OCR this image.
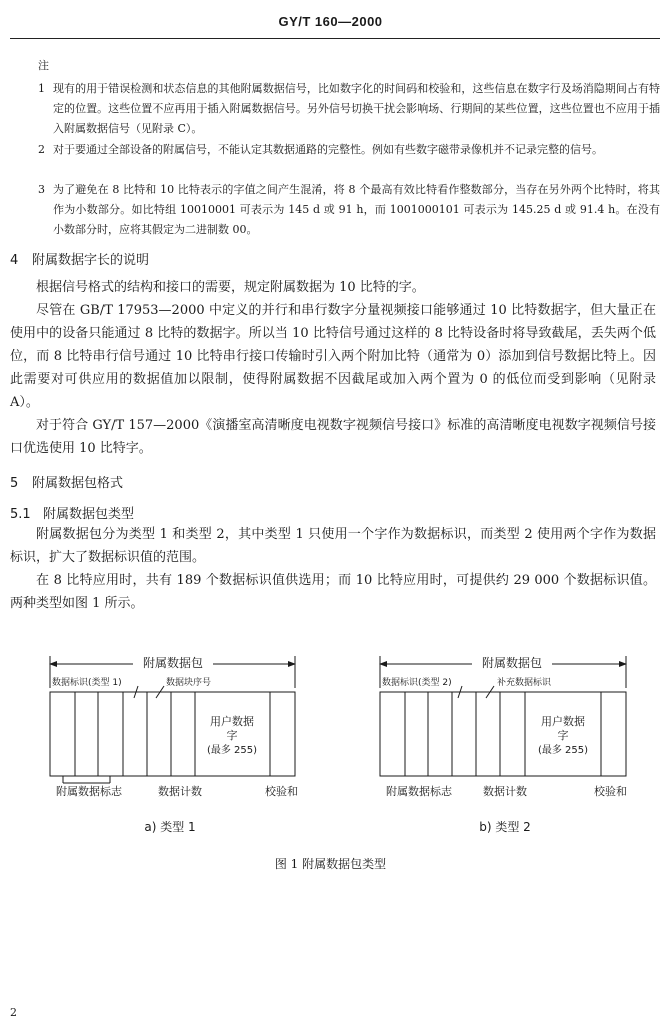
GY/T 160—2000
注
1 现有的用于错误检测和状态信息的其他附属数据信号，比如数字化的时间码和校验和，这些信息在数字行及场消隐期间占有特定的位置。这些位置不应再用于插入附属数据信号。另外信号切换干扰会影响场、行期间的某些位置，这些位置也不应用于插入附属数据信号（见附录 C）。
2 对于要通过全部设备的附属信号，不能认定其数据通路的完整性。例如有些数字磁带录像机并不记录完整的信号。
3 为了避免在 8 比特和 10 比特表示的字值之间产生混淆，将 8 个最高有效比特看作整数部分，当存在另外两个比特时，将其作为小数部分。如比特组 10010001 可表示为 145 d 或 91 h，而 1001000101 可表示为 145.25 d 或 91.4 h。在没有小数部分时，应将其假定为二进制数 00。
4 附属数据字长的说明
根据信号格式的结构和接口的需要，规定附属数据为 10 比特的字。
尽管在 GB/T 17953—2000 中定义的并行和串行数字分量视频接口能够通过 10 比特数据字，但大量正在使用中的设备只能通过 8 比特的数据字。所以当 10 比特信号通过这样的 8 比特设备时将导致截尾，丢失两个低位，而 8 比特串行信号通过 10 比特串行接口传输时引入两个附加比特（通常为 0）添加到信号数据比特上。因此需要对可供应用的数据值加以限制，使得附属数据不因截尾或加入两个置为 0 的低位而受到影响（见附录 A）。
对于符合 GY/T 157—2000《演播室高清晰度电视数字视频信号接口》标准的高清晰度电视数字视频信号接口优选使用 10 比特字。
5 附属数据包格式
5.1 附属数据包类型
附属数据包分为类型 1 和类型 2，其中类型 1 只使用一个字作为数据标识，而类型 2 使用两个字作为数据标识，扩大了数据标识值的范围。
在 8 比特应用时，共有 189 个数据标识值供选用；而 10 比特应用时，可提供约 29 000 个数据标识值。两种类型如图 1 所示。
附属数据包
数据标识(类型 1)	数据块序号
用户数据
字
(最多 255)
附属数据标志	数据计数	校验和
a) 类型 1
附属数据包
数据标识(类型 2)	补充数据标识
用户数据
字
(最多 255)
附属数据标志	数据计数	校验和
b) 类型 2
图 1 附属数据包类型
2
